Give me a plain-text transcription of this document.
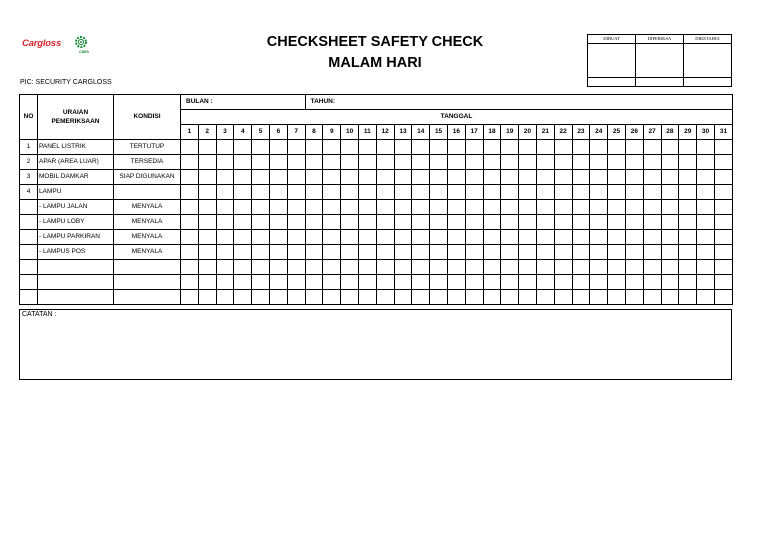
Cargloss
CMIS
CHECKSHEET SAFETY CHECK
MALAM HARI
PIC: SECURITY CARGLOSS
DIBUAT	DIPERIKSA	DIKETAHUI

NO	URAIAN PEMERIKSAAN	KONDISI	BULAN :							TAHUN:																							
			TANGGAL																														
			1	2	3	4	5	6	7	8	9	10	11	12	13	14	15	16	17	18	19	20	21	22	23	24	25	26	27	28	29	30	31
1	PANEL LISTRIK	TERTUTUP																															
2	APAR (AREA LUAR)	TERSEDIA																															
3	MOBIL DAMKAR	SIAP DIGUNAKAN																															
4	LAMPU																																
	- LAMPU JALAN	MENYALA																															
	- LAMPU LOBY	MENYALA																															
	- LAMPU PARKIRAN	MENYALA																															
	- LAMPUS POS	MENYALA																															

CATATAN :
